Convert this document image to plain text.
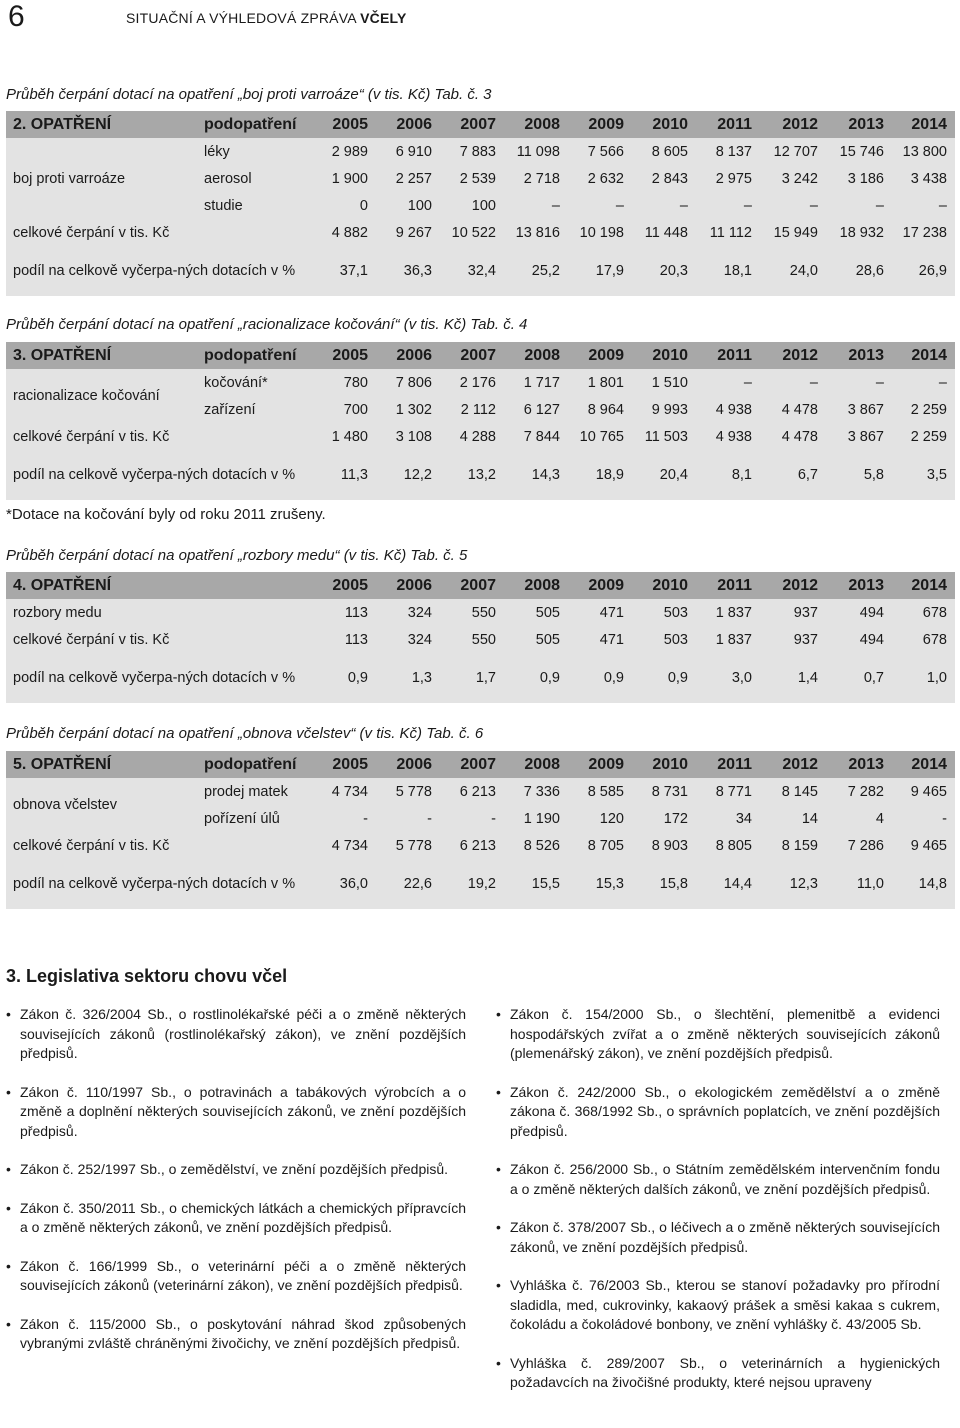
6	SITUAČNÍ A VÝHLEDOVÁ ZPRÁVA VČELY
Průběh čerpání dotací na opatření „boj proti varroáze“ (v tis. Kč) Tab. č. 3
2. OPATŘENÍ	podopatření	2005	2006	2007	2008	2009	2010	2011	2012	2013	2014
boj proti varroáze	léky	2 989	6 910	7 883	11 098	7 566	8 605	8 137	12 707	15 746	13 800
	aerosol	1 900	2 257	2 539	2 718	2 632	2 843	2 975	3 242	3 186	3 438
	studie	0	100	100	–	–	–	–	–	–	–
celkové čerpání v tis. Kč		4 882	9 267	10 522	13 816	10 198	11 448	11 112	15 949	18 932	17 238
podíl na celkově vyčerpa-ných dotacích v %		37,1	36,3	32,4	25,2	17,9	20,3	18,1	24,0	28,6	26,9
Průběh čerpání dotací na opatření „racionalizace kočování“ (v tis. Kč) Tab. č. 4
3. OPATŘENÍ	podopatření	2005	2006	2007	2008	2009	2010	2011	2012	2013	2014
racionalizace kočování	kočování*	780	7 806	2 176	1 717	1 801	1 510	–	–	–	–
	zařízení	700	1 302	2 112	6 127	8 964	9 993	4 938	4 478	3 867	2 259
celkové čerpání v tis. Kč		1 480	3 108	4 288	7 844	10 765	11 503	4 938	4 478	3 867	2 259
podíl na celkově vyčerpa-ných dotacích v %		11,3	12,2	13,2	14,3	18,9	20,4	8,1	6,7	5,8	3,5
*Dotace na kočování byly od roku 2011 zrušeny.
Průběh čerpání dotací na opatření „rozbory medu“ (v tis. Kč) Tab. č. 5
4. OPATŘENÍ	2005	2006	2007	2008	2009	2010	2011	2012	2013	2014
rozbory medu	113	324	550	505	471	503	1 837	937	494	678
celkové čerpání v tis. Kč	113	324	550	505	471	503	1 837	937	494	678
podíl na celkově vyčerpa-ných dotacích v %	0,9	1,3	1,7	0,9	0,9	0,9	3,0	1,4	0,7	1,0
Průběh čerpání dotací na opatření „obnova včelstev“ (v tis. Kč) Tab. č. 6
5. OPATŘENÍ	podopatření	2005	2006	2007	2008	2009	2010	2011	2012	2013	2014
obnova včelstev	prodej matek	4 734	5 778	6 213	7 336	8 585	8 731	8 771	8 145	7 282	9 465
	pořízení úlů	-	-	-	1 190	120	172	34	14	4	-
celkové čerpání v tis. Kč		4 734	5 778	6 213	8 526	8 705	8 903	8 805	8 159	7 286	9 465
podíl na celkově vyčerpa-ných dotacích v %		36,0	22,6	19,2	15,5	15,3	15,8	14,4	12,3	11,0	14,8
3. Legislativa sektoru chovu včel
• Zákon č. 326/2004 Sb., o rostlinolékařské péči a o změně některých souvisejících zákonů (rostlinolékařský zákon), ve znění pozdějších předpisů.
• Zákon č. 110/1997 Sb., o potravinách a tabákových výrobcích a o změně a doplnění některých souvisejících zákonů, ve znění pozdějších předpisů.
• Zákon č. 252/1997 Sb., o zemědělství, ve znění pozdějších předpisů.
• Zákon č. 350/2011 Sb., o chemických látkách a chemických přípravcích a o změně některých zákonů, ve znění pozdějších předpisů.
• Zákon č. 166/1999 Sb., o veterinární péči a o změně některých souvisejících zákonů (veterinární zákon), ve znění pozdějších předpisů.
• Zákon č. 115/2000 Sb., o poskytování náhrad škod způsobených vybranými zvláště chráněnými živočichy, ve znění pozdějších předpisů.
• Zákon č. 154/2000 Sb., o šlechtění, plemenitbě a evidenci hospodářských zvířat a o změně některých souvisejících zákonů (plemenářský zákon), ve znění pozdějších předpisů.
• Zákon č. 242/2000 Sb., o ekologickém zemědělství a o změně zákona č. 368/1992 Sb., o správních poplatcích, ve znění pozdějších předpisů.
• Zákon č. 256/2000 Sb., o Státním zemědělském intervenčním fondu a o změně některých dalších zákonů, ve znění pozdějších předpisů.
• Zákon č. 378/2007 Sb., o léčivech a o změně některých souvisejících zákonů, ve znění pozdějších předpisů.
• Vyhláška č. 76/2003 Sb., kterou se stanoví požadavky pro přírodní sladidla, med, cukrovinky, kakaový prášek a směsi kakaa s cukrem, čokoládu a čokoládové bonbony, ve znění vyhlášky č. 43/2005 Sb.
• Vyhláška č. 289/2007 Sb., o veterinárních a hygienických požadavcích na živočišné produkty, které nejsou upraveny
